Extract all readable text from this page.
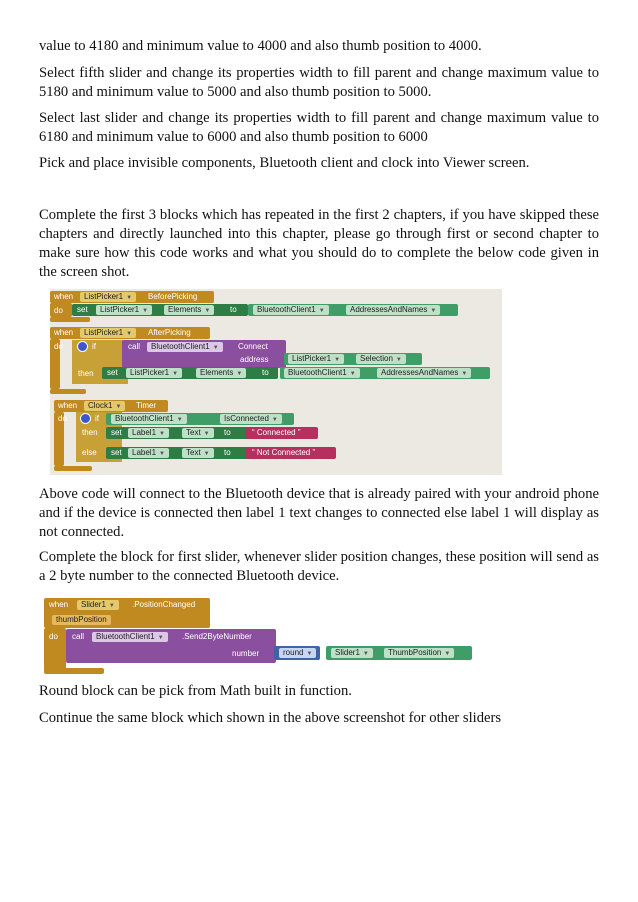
value to 4180 and minimum value to 4000 and also thumb position to 4000.

Select fifth slider and change its properties width to fill parent and change maximum value to 5180 and minimum value to 5000 and also thumb position to 5000.

Select last slider and change its properties width to fill parent and change maximum value to 6180 and minimum value to 6000 and also thumb position to 6000

Pick and place invisible components, Bluetooth client and clock into Viewer screen.

Complete the first 3 blocks which has repeated in the first 2 chapters, if you have skipped these chapters and directly launched into this chapter, please go through first or second chapter to make sure how this code works and what you should do to complete the below code given in the screen shot.

when	ListPicker1 ▼	BeforePicking
do set	ListPicker1 ▼	Elements ▼	to	BluetoothClient1 ▼	AddressesAndNames ▼
when	ListPicker1 ▼	AfterPicking
do	if	call	BluetoothClient1 ▼	Connect
address	ListPicker1 ▼	Selection ▼
then set	ListPicker1 ▼	Elements ▼	to	BluetoothClient1 ▼	AddressesAndNames ▼
when	Clock1 ▼	Timer
do	if	BluetoothClient1 ▼	IsConnected ▼
then set	Label1 ▼	Text ▼	to	“ Connected ”
else set	Label1 ▼	Text ▼	to	“ Not Connected ”

Above code will connect to the Bluetooth device that is already paired with your android phone and if the device is connected then label 1 text changes to connected else label 1 will display as not connected.

Complete the block for first slider, whenever slider position changes, these position will send as a 2 byte number to the connected Bluetooth device.

when	Slider1 ▼	.PositionChanged
thumbPosition
do call	BluetoothClient1 ▼	.Send2ByteNumber
number	round ▼	Slider1 ▼	ThumbPosition ▼

Round block can be pick from Math built in function.

Continue the same block which shown in the above screenshot for other sliders
